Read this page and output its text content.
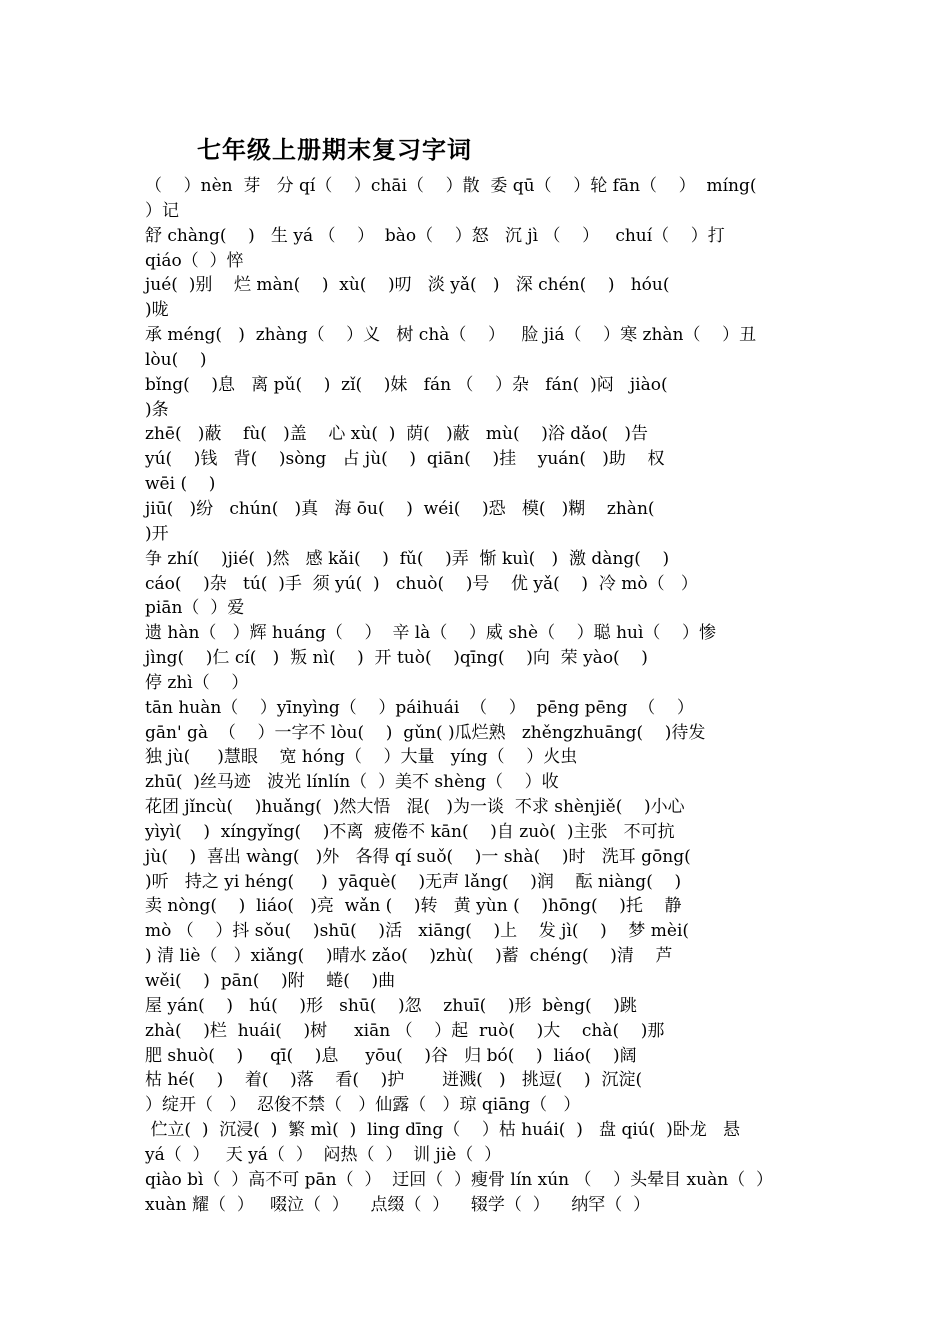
七年级上册期末复习字词
（    ）nèn  芽   分 qí（    ）chāi（    ）散  委 qū（    ）轮 fān（    ）  míng(
）记
舒 chàng(    )   生 yá （    ）  bào（    ）怒   沉 jì （    ）   chuí（    ）打
qiáo（  ）悴
jué(  )别    烂 màn(    )  xù(    )叨   淡 yǎ(   )   深 chén(    )   hóu(
)咙
承 méng(   )  zhàng（    ）义   树 chà（    ）   脸 jiá（    ）寒 zhàn（    ）丑
lòu(    )
bǐng(    )息   离 pǔ(    )  zǐ(    )妹   fán （    ）杂   fán(  )闷   jiào(
)条
zhē(   )蔽    fù(   )盖    心 xù(  )  荫(   )蔽   mù(    )浴 dǎo(   )告
yú(    )钱   背(    )sòng   占 jù(    )  qiān(    )挂    yuán(   )助    权
wēi (    )
jiū(   )纷   chún(   )真   海 ōu(    )  wéi(    )恐   模(   )糊    zhàn(
)开
争 zhí(    )jié(  )然   感 kǎi(    )  fǔ(    )弄  惭 kuì(   )  激 dàng(    )
cáo(    )杂   tú(  )手  须 yú(  )   chuò(    )号    优 yǎ(    )  冷 mò（   ）
piān（  ）爱
遗 hàn（   ）辉 huáng（    ）  辛 là（    ）威 shè（    ）聪 huì（    ）惨
jìng(    )仁 cí(   )  叛 nì(    )  开 tuò(    )qīng(    )向  荣 yào(    )
停 zhì（    ）
tān huàn（    ）yīnyìng（    ）páihuái  （    ）  pēng pēng  （    ）
gān' gà  （    ）一字不 lòu(    )  gǔn( )瓜烂熟   zhěngzhuāng(    )待发
独 jù(     )慧眼    宽 hóng（    ）大量   yíng（    ）火虫
zhū(  )丝马迹   波光 línlín（  ）美不 shèng（    ）收
花团 jǐncù(    )huǎng(  )然大悟   混(   )为一谈  不求 shènjiě(    )小心
yìyì(    )  xíngyǐng(    )不离  疲倦不 kān(    )自 zuò(  )主张   不可抗
jù(    )  喜出 wàng(   )外   各得 qí suǒ(    )一 shà(    )时   洗耳 gōng(
)听   持之 yi héng(     )  yāquè(    )无声 lǎng(    )润    酝 niàng(    )
卖 nòng(    )  liáo(   )亮  wǎn (    )转   黄 yùn (    )hōng(    )托    静
mò （    ）抖 sǒu(    )shū(    )活   xiāng(    )上    发 jì(    )    梦 mèi(
) 清 liè（   ）xiǎng(    )晴水 zǎo(    )zhù(    )蓄  chéng(    )清    芦
wěi(    )  pān(    )附    蜷(    )曲
屋 yán(    )   hú(    )形   shū(    )忽    zhuī(    )形  bèng(    )跳
zhà(    )栏  huái(    )树     xiān （    ）起  ruò(    )大    chà(    )那
肥 shuò(    )     qī(    )息     yōu(    )谷   归 bó(    )  liáo(    )阔
枯 hé(    )    着(    )落    看(    )护       迸溅(   )   挑逗(    )  沉淀(
）绽开（   ）  忍俊不禁（   ）仙露（   ）琼 qiāng（   ）
伫立(  )  沉浸(  )  繁 mì(  )  ling dīng（    ）枯 huái(  )   盘 qiú(  )卧龙   悬
yá（  ）   天 yá（  ）  闷热（  ）  训 jiè（  ）
qiào bì（  ）高不可 pān（  ）  迂回（  ）瘦骨 lín xún （    ）头晕目 xuàn（  ）
xuàn 耀（  ）   啜泣（  ）    点缀（  ）    辍学（  ）    纳罕（  ）
